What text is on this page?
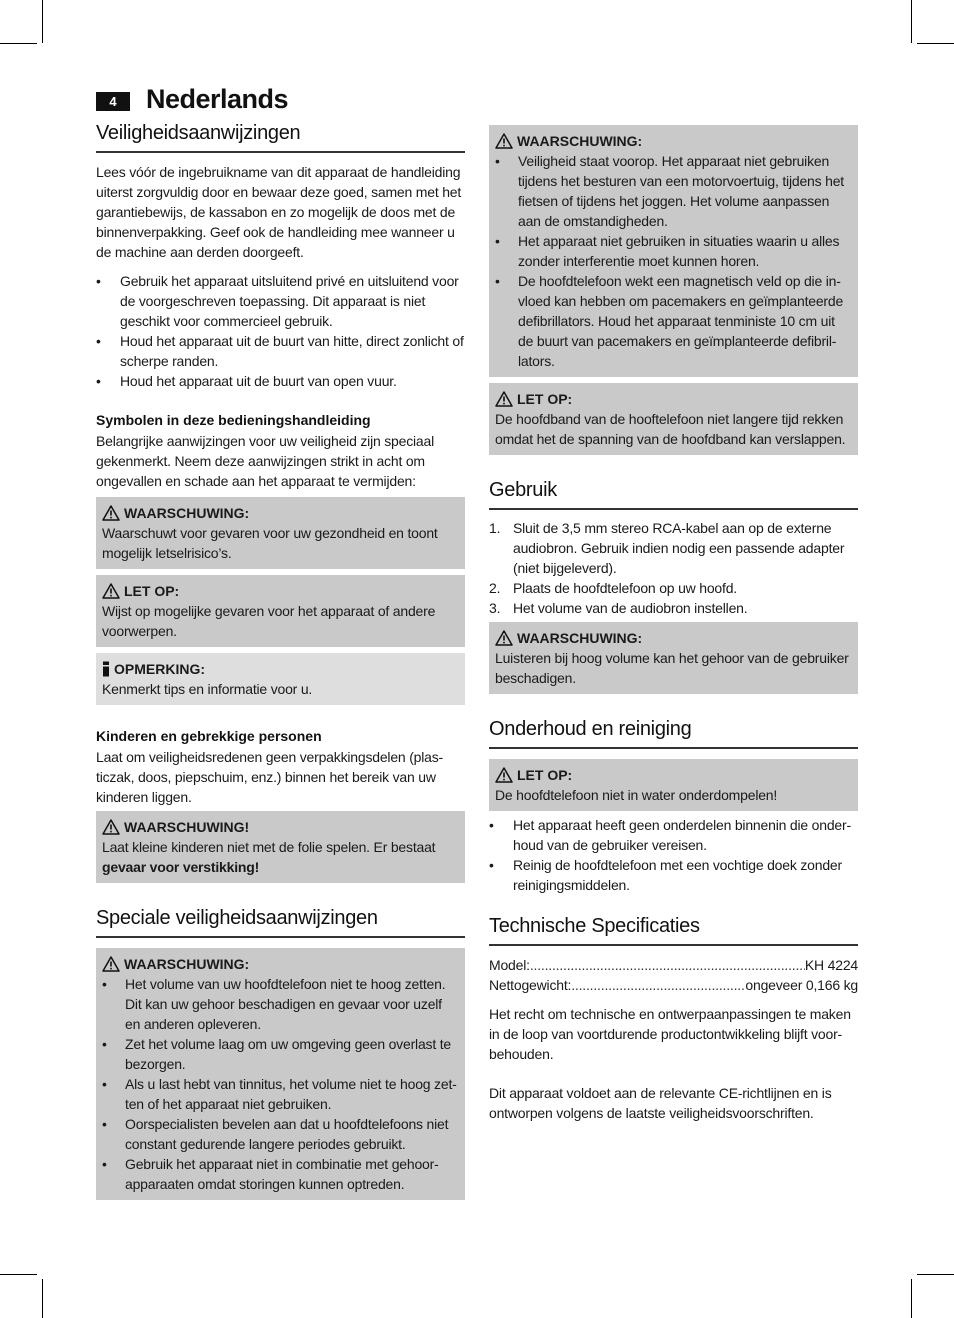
4	Nederlands
Veiligheidsaanwijzingen

Lees vóór de ingebruikname van dit apparaat de handleiding uiterst zorgvuldig door en bewaar deze goed, samen met het garantiebewijs, de kassabon en zo mogelijk de doos met de binnenverpakking. Geef ook de handleiding mee wanneer u de machine aan derden doorgeeft.

• Gebruik het apparaat uitsluitend privé en uitsluitend voor de voorgeschreven toepassing. Dit apparaat is niet geschikt voor commercieel gebruik.
• Houd het apparaat uit de buurt van hitte, direct zonlicht of scherpe randen.
• Houd het apparaat uit de buurt van open vuur.
Symbolen in deze bedieningshandleiding

Belangrijke aanwijzingen voor uw veiligheid zijn speciaal gekenmerkt. Neem deze aanwijzingen strikt in acht om ongevallen en schade aan het apparaat te vermijden:

WAARSCHUWING:

Waarschuwt voor gevaren voor uw gezondheid en toont mogelijk letselrisico’s.

LET OP:

Wijst op mogelijke gevaren voor het apparaat of andere voorwerpen.

OPMERKING:

Kenmerkt tips en informatie voor u.

Kinderen en gebrekkige personen

Laat om veiligheidsredenen geen verpakkingsdelen (plasticzak, doos, piepschuim, enz.) binnen het bereik van uw kinderen liggen.

WAARSCHUWING!

Laat kleine kinderen niet met de folie spelen. Er bestaat
gevaar voor verstikking!

Speciale veiligheidsaanwijzingen
WAARSCHUWING:
• Het volume van uw hoofdtelefoon niet te hoog zetten. Dit kan uw gehoor beschadigen en gevaar voor uzelf en anderen opleveren.
• Zet het volume laag om uw omgeving geen overlast te bezorgen.
• Als u last hebt van tinnitus, het volume niet te hoog zetten of het apparaat niet gebruiken.
• Oorspecialisten bevelen aan dat u hoofdtelefoons niet constant gedurende langere periodes gebruikt.
• Gebruik het apparaat niet in combinatie met gehoorapparaaten omdat storingen kunnen optreden.
WAARSCHUWING:
• Veiligheid staat voorop. Het apparaat niet gebruiken tijdens het besturen van een motorvoertuig, tijdens het fietsen of tijdens het joggen. Het volume aanpassen aan de omstandigheden.
• Het apparaat niet gebruiken in situaties waarin u alles zonder interferentie moet kunnen horen.
• De hoofdtelefoon wekt een magnetisch veld op die invloed kan hebben om pacemakers en geïmplanteerde defibrillators. Houd het apparaat tenministe 10 cm uit de buurt van pacemakers en geïmplanteerde defibrillators.
LET OP:

De hoofdband van de hooftelefoon niet langere tijd rekken omdat het de spanning van de hoofdband kan verslappen.

Gebruik
1. Sluit de 3,5 mm stereo RCA-kabel aan op de externe audiobron. Gebruik indien nodig een passende adapter (niet bijgeleverd).
2. Plaats de hoofdtelefoon op uw hoofd.
3. Het volume van de audiobron instellen.
WAARSCHUWING:

Luisteren bij hoog volume kan het gehoor van de gebruiker beschadigen.

Onderhoud en reiniging
LET OP:

De hoofdtelefoon niet in water onderdompelen!

• Het apparaat heeft geen onderdelen binnenin die onderhoud van de gebruiker vereisen.
• Reinig de hoofdtelefoon met een vochtige doek zonder reinigingsmiddelen.
Technische Specificaties
Model: .....	KH 4224
Nettogewicht: .....	ongeveer 0,166 kg

Het recht om technische en ontwerpaanpassingen te maken in de loop van voortdurende productontwikkeling blijft voorbehouden.

Dit apparaat voldoet aan de relevante CE-richtlijnen en is ontworpen volgens de laatste veiligheidsvoorschriften.
